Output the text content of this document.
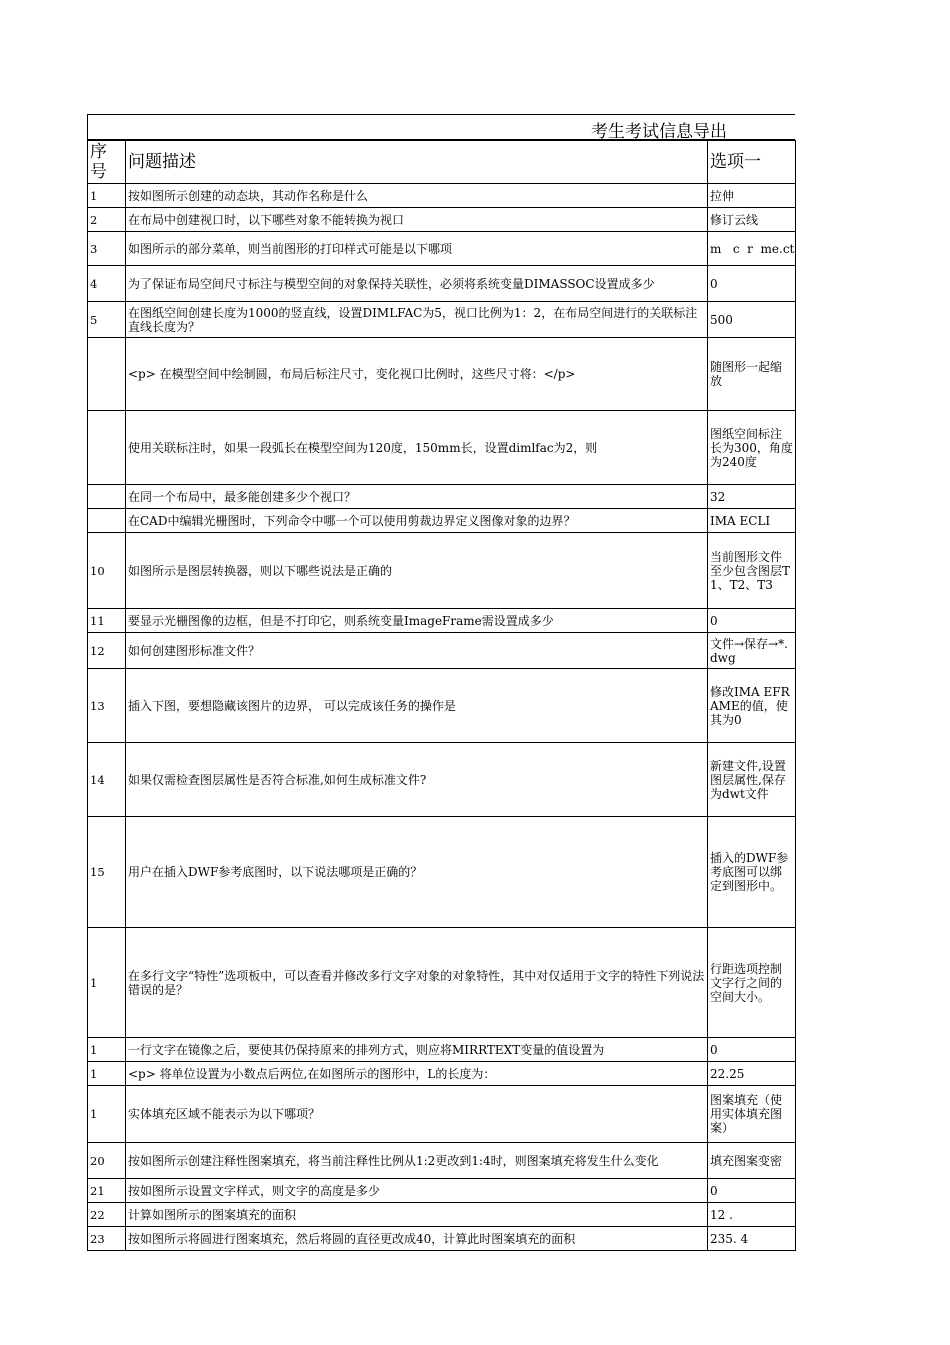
考生考试信息导出
序号	问题描述	选项一
1	按如图所示创建的动态块，其动作名称是什么	拉伸
2	在布局中创建视口时，以下哪些对象不能转换为视口	修订云线
3	如图所示的部分菜单，则当前图形的打印样式可能是以下哪项	m   c  r  me.ct
4	为了保证布局空间尺寸标注与模型空间的对象保持关联性，必须将系统变量DIMASSOC设置成多少	0
5	在图纸空间创建长度为1000的竖直线，设置DIMLFAC为5，视口比例为1：2，在布局空间进行的关联标注直线长度为？	500
	<p> 在模型空间中绘制圆，布局后标注尺寸，变化视口比例时，这些尺寸将：</p>	随图形一起缩放
	使用关联标注时，如果一段弧长在模型空间为120度，150mm长，设置dimlfac为2，则	图纸空间标注长为300，角度为240度
	在同一个布局中，最多能创建多少个视口？	32
	在CAD中编辑光栅图时，下列命令中哪一个可以使用剪裁边界定义图像对象的边界？	IMA ECLI
10	如图所示是图层转换器，则以下哪些说法是正确的	当前图形文件至少包含图层T1、T2、T3
11	要显示光栅图像的边框，但是不打印它，则系统变量ImageFrame需设置成多少	0
12	如何创建图形标准文件？	文件→保存→*.dwg
13	插入下图，要想隐藏该图片的边界， 可以完成该任务的操作是	修改IMA EFRAME的值，使其为0
14	如果仅需检查图层属性是否符合标准,如何生成标准文件?	新建文件,设置图层属性,保存为dwt文件
15	用户在插入DWF参考底图时，以下说法哪项是正确的？	插入的DWF参考底图可以绑定到图形中。
1	在多行文字“特性”选项板中，可以查看并修改多行文字对象的对象特性，其中对仅适用于文字的特性下列说法错误的是？	行距选项控制文字行之间的空间大小。
1	一行文字在镜像之后，要使其仍保持原来的排列方式，则应将MIRRTEXT变量的值设置为	0
1	<p> 将单位设置为小数点后两位,在如图所示的图形中，L的长度为：	22.25
1	实体填充区域不能表示为以下哪项？	图案填充（使用实体填充图案）
20	按如图所示创建注释性图案填充，将当前注释性比例从1:2更改到1:4时，则图案填充将发生什么变化	填充图案变密
21	按如图所示设置文字样式，则文字的高度是多少	0
22	计算如图所示的图案填充的面积	12 .
23	按如图所示将圆进行图案填充，然后将圆的直径更改成40，计算此时图案填充的面积	235. 4
